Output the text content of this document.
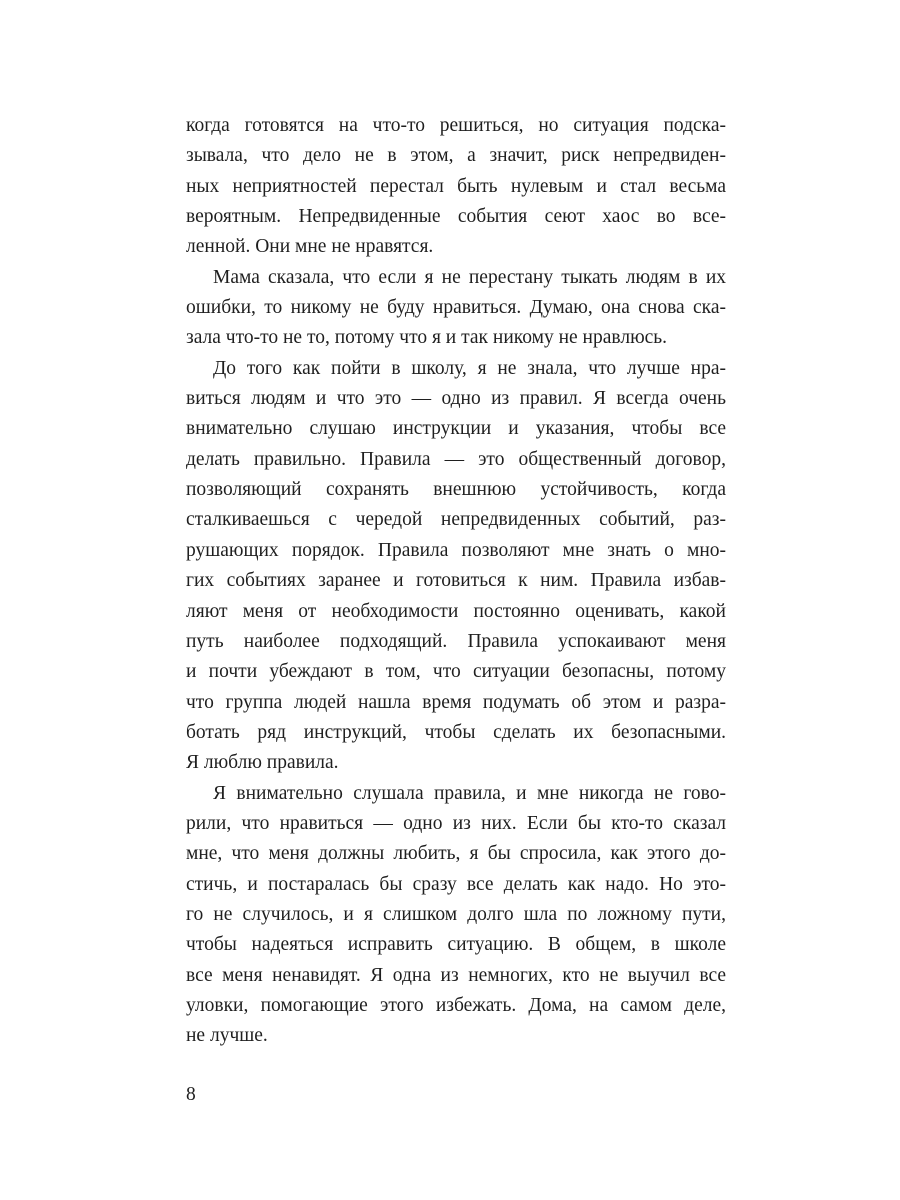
когда готовятся на что-то решиться, но ситуация подска-
зывала, что дело не в этом, а значит, риск непредвиден-
ных неприятностей перестал быть нулевым и стал весьма
вероятным. Непредвиденные события сеют хаос во все-
ленной. Они мне не нравятся.

Мама сказала, что если я не перестану тыкать людям в их
ошибки, то никому не буду нравиться. Думаю, она снова ска-
зала что-то не то, потому что я и так никому не нравлюсь.

До того как пойти в школу, я не знала, что лучше нра-
виться людям и что это — одно из правил. Я всегда очень
внимательно слушаю инструкции и указания, чтобы все
делать правильно. Правила — это общественный договор,
позволяющий сохранять внешнюю устойчивость, когда
сталкиваешься с чередой непредвиденных событий, раз-
рушающих порядок. Правила позволяют мне знать о мно-
гих событиях заранее и готовиться к ним. Правила избав-
ляют меня от необходимости постоянно оценивать, какой
путь наиболее подходящий. Правила успокаивают меня
и почти убеждают в том, что ситуации безопасны, потому
что группа людей нашла время подумать об этом и разра-
ботать ряд инструкций, чтобы сделать их безопасными.
Я люблю правила.

Я внимательно слушала правила, и мне никогда не гово-
рили, что нравиться — одно из них. Если бы кто-то сказал
мне, что меня должны любить, я бы спросила, как этого до-
стичь, и постаралась бы сразу все делать как надо. Но это-
го не случилось, и я слишком долго шла по ложному пути,
чтобы надеяться исправить ситуацию. В общем, в школе
все меня ненавидят. Я одна из немногих, кто не выучил все
уловки, помогающие этого избежать. Дома, на самом деле,
не лучше.

8
